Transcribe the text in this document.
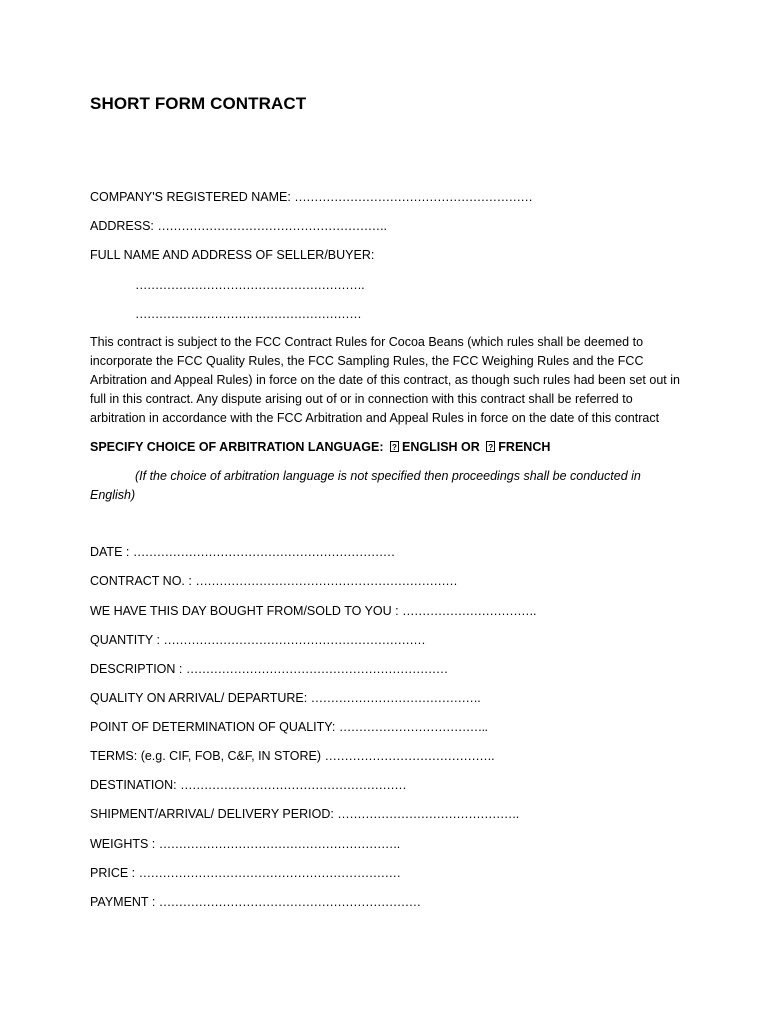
SHORT FORM CONTRACT
COMPANY'S REGISTERED NAME: ……………………………………………………
ADDRESS: ………………………………………………….
FULL NAME AND ADDRESS OF SELLER/BUYER:
………………………………………………….
…………………………………………………
This contract is subject to the FCC Contract Rules for Cocoa Beans (which rules shall be deemed to incorporate the FCC Quality Rules, the FCC Sampling Rules, the FCC Weighing Rules and the FCC Arbitration and Appeal Rules) in force on the date of this contract, as though such rules had been set out in full in this contract. Any dispute arising out of or in connection with this contract shall be referred to arbitration in accordance with the FCC Arbitration and Appeal Rules in force on the date of this contract
SPECIFY CHOICE OF ARBITRATION LANGUAGE: ? ENGLISH OR ? FRENCH
(If the choice of arbitration language is not specified then proceedings shall be conducted in English)
DATE : …………………………………………………………
CONTRACT NO. : …………………………………………………………
WE HAVE THIS DAY BOUGHT FROM/SOLD TO YOU : …………………………….
QUANTITY : …………………………………………………………
DESCRIPTION : …………………………………………………………
QUALITY ON ARRIVAL/ DEPARTURE: …………………………………….
POINT OF DETERMINATION OF QUALITY: ………………………………..
TERMS: (e.g. CIF, FOB, C&F, IN STORE) …………………………………….
DESTINATION: …………………………………………………
SHIPMENT/ARRIVAL/ DELIVERY PERIOD: ……………………………………….
WEIGHTS : …………………………………………………….
PRICE : …………………………………………………………
PAYMENT : …………………………………………………………
